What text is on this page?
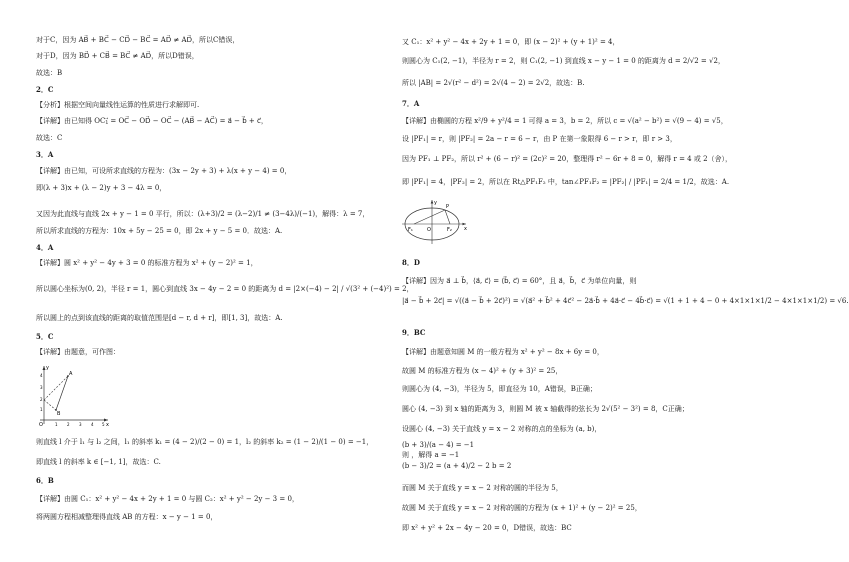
对于C，因为 AB⃗ + BC⃗ − CD⃗ − BC⃗ = AD⃗ ≠ AD⃗，所以C错误，
对于D，因为 BD⃗ + CB⃗ = BC⃗ ≠ AD⃗，所以D错误，
故选：B
2．C
【分析】根据空间向量线性运算的性质进行求解即可.
【详解】由已知得 OC₁⃗ = OC⃗ − OD⃗ − OC⃗ − (AB⃗ − AC⃗) = a⃗ − b⃗ + c⃗，
故选：C
3．A
【详解】由已知，可设所求直线的方程为：(3x − 2y + 3) + λ(x + y − 4) = 0，
即(λ + 3)x + (λ − 2)y + 3 − 4λ = 0，
又因为此直线与直线 2x + y − 1 = 0 平行，所以：(λ+3)/2 = (λ−2)/1 ≠ (3−4λ)/(−1)，解得：λ = 7，
所以所求直线的方程为：10x + 5y − 25 = 0，即 2x + y − 5 = 0．故选：A.
4．A
【详解】圆 x² + y² − 4y + 3 = 0 的标准方程为 x² + (y − 2)² = 1，
所以圆心坐标为(0, 2)，半径 r = 1，圆心到直线 3x − 4y − 2 = 0 的距离为 d = |2×(−4) − 2| / √(3² + (−4)²) = 2，
所以圆上的点到该直线的距离的取值范围是[d − r, d + r]，即[1, 3]，故选：A.
5．C
【详解】由题意，可作图：
则直线 l 介于 l₁ 与 l₂ 之间，l₁ 的斜率 k₁ = (4 − 2)/(2 − 0) = 1，l₂ 的斜率 k₂ = (1 − 2)/(1 − 0) = −1，
即直线 l 的斜率 k ∈ [−1, 1]，故选：C.
6．B
【详解】由圆 C₁：x² + y² − 4x + 2y + 1 = 0 与圆 C₂：x² + y² − 2y − 3 = 0，
将两圆方程相减整理得直线 AB 的方程：x − y − 1 = 0，
又 C₁：x² + y² − 4x + 2y + 1 = 0，即 (x − 2)² + (y + 1)² = 4，
则圆心为 C₁(2, −1)，半径为 r = 2，则 C₁(2, −1) 到直线 x − y − 1 = 0 的距离为 d = 2/√2 = √2，
所以 |AB| = 2√(r² − d²) = 2√(4 − 2) = 2√2，故选：B.
7．A
【详解】由椭圆的方程 x²/9 + y²/4 = 1 可得 a = 3，b = 2，所以 c = √(a² − b²) = √(9 − 4) = √5，
设 |PF₁| = r，则 |PF₂| = 2a − r = 6 − r，由 P 在第一象限得 6 − r > r，即 r > 3，
因为 PF₁ ⊥ PF₂，所以 r² + (6 − r)² = (2c)² = 20，整理得 r² − 6r + 8 = 0，解得 r = 4 或 2（舍），
即 |PF₁| = 4，|PF₂| = 2，所以在 Rt△PF₁F₂ 中，tan∠PF₁F₂ = |PF₂| / |PF₁| = 2/4 = 1/2，故选：A.
8．D
【详解】因为 a⃗ ⊥ b⃗，⟨a⃗, c⃗⟩ = ⟨b⃗, c⃗⟩ = 60°，且 a⃗，b⃗，c⃗ 为单位向量，则
|a⃗ − b⃗ + 2c⃗| = √((a⃗ − b⃗ + 2c⃗)²) = √(a⃗² + b⃗² + 4c⃗² − 2a⃗·b⃗ + 4a⃗·c⃗ − 4b⃗·c⃗) = √(1 + 1 + 4 − 0 + 4×1×1×1/2 − 4×1×1×1/2) = √6.
9．BC
【详解】由题意知圆 M 的一般方程为 x² + y² − 8x + 6y = 0，
故圆 M 的标准方程为 (x − 4)² + (y + 3)² = 25，
则圆心为 (4, −3)，半径为 5，即直径为 10，A错误，B正确；
圆心 (4, −3) 到 x 轴的距离为 3，则圆 M 被 x 轴截得的弦长为 2√(5² − 3²) = 8，C正确；
设圆心 (4, −3) 关于直线 y = x − 2 对称的点的坐标为 (a, b)，
(b + 3)/(a − 4) = −1
则 ，解得 a = −1
(b − 3)/2 = (a + 4)/2 − 2 b = 2
而圆 M 关于直线 y = x − 2 对称的圆的半径为 5，
故圆 M 关于直线 y = x − 2 对称的圆的方程为 (x + 1)² + (y − 2)² = 25，
即 x² + y² + 2x − 4y − 20 = 0，D错误，故选：BC
x
y
O
A
B
1 2 3 4 5
1
2
3
4
y
P
F₁	O	F₂ x
